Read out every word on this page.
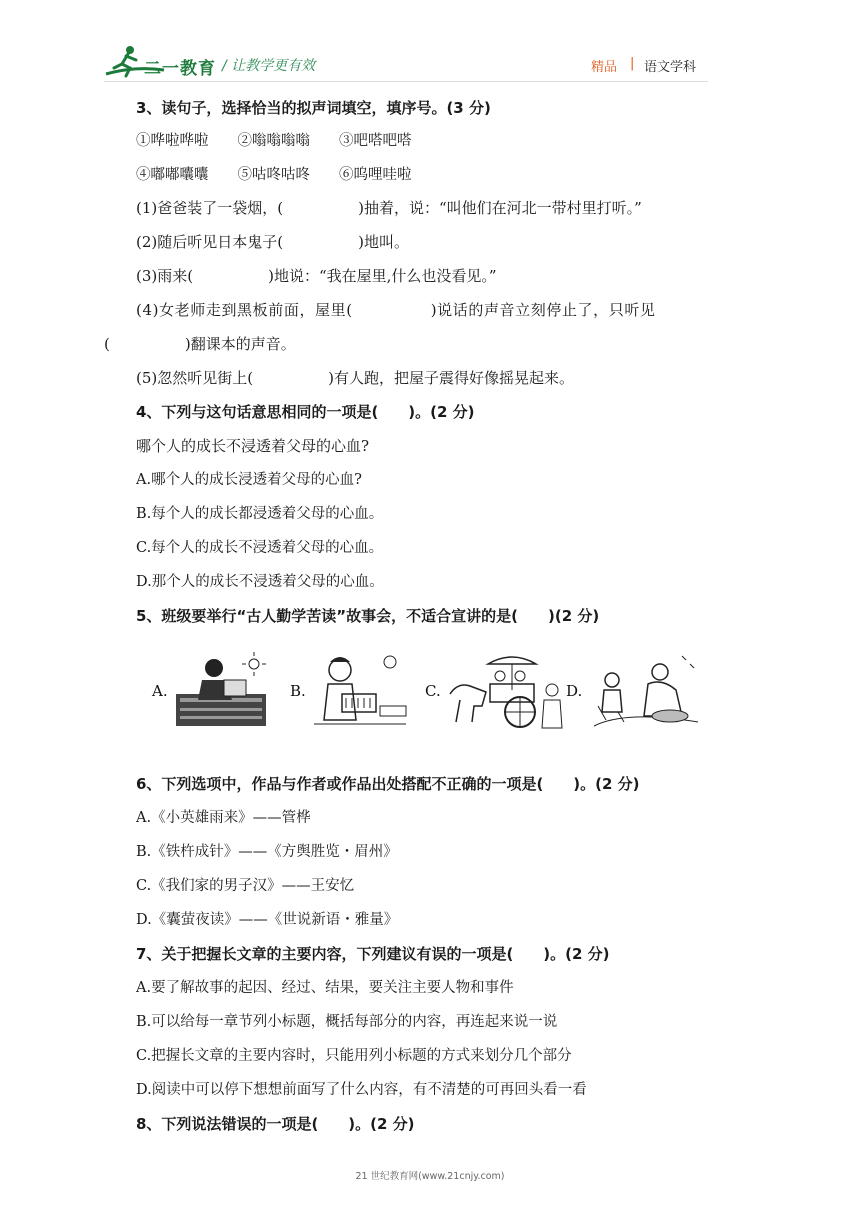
二一教育 / 让教学更有效	精品 | 语文学科
3、读句子，选择恰当的拟声词填空，填序号。(3 分)
①哗啦哗啦　　②嗡嗡嗡嗡　　③吧嗒吧嗒
④嘟嘟囔囔　　⑤咕咚咕咚　　⑥呜哩哇啦
(1)爸爸装了一袋烟，(　　　　　)抽着，说：“叫他们在河北一带村里打听。”
(2)随后听见日本鬼子(　　　　　)地叫。
(3)雨来(　　　　　)地说：“我在屋里,什么也没看见。”
(4)女老师走到黑板前面，屋里(　　　　　)说话的声音立刻停止了，只听见
(　　　　　)翻课本的声音。
(5)忽然听见街上(　　　　　)有人跑，把屋子震得好像摇晃起来。
4、下列与这句话意思相同的一项是(　　)。(2 分)
哪个人的成长不浸透着父母的心血?
A.哪个人的成长浸透着父母的心血?
B.每个人的成长都浸透着父母的心血。
C.每个人的成长不浸透着父母的心血。
D.那个人的成长不浸透着父母的心血。
5、班级要举行“古人勤学苦读”故事会，不适合宣讲的是(　　)(2 分)
A.	B.	C.	D.
6、下列选项中，作品与作者或作品出处搭配不正确的一项是(　　)。(2 分)
A.《小英雄雨来》——管桦
B.《铁杵成针》——《方舆胜览・眉州》
C.《我们家的男子汉》——王安忆
D.《囊萤夜读》——《世说新语・雅量》
7、关于把握长文章的主要内容，下列建议有误的一项是(　　)。(2 分)
A.要了解故事的起因、经过、结果，要关注主要人物和事件
B.可以给每一章节列小标题，概括每部分的内容，再连起来说一说
C.把握长文章的主要内容时，只能用列小标题的方式来划分几个部分
D.阅读中可以停下想想前面写了什么内容，有不清楚的可再回头看一看
8、下列说法错误的一项是(　　)。(2 分)
21 世纪教育网(www.21cnjy.com)
